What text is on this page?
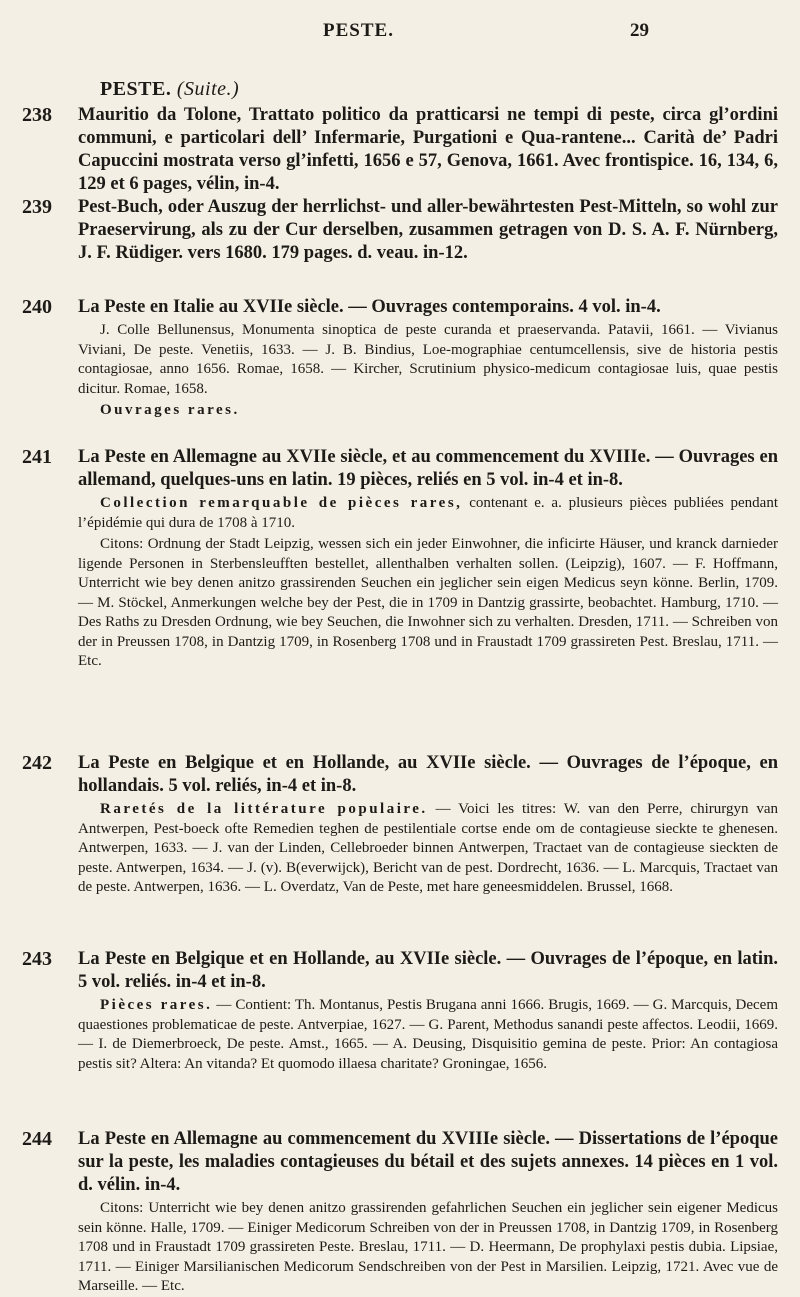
PESTE.	29
PESTE. (Suite.)
238 Mauritio da Tolone, Trattato politico da pratticarsi ne tempi di peste, circa gl’ordini communi, e particolari dell’ Infermarie, Purgationi e Qua-rantene... Carità de’ Padri Capuccini mostrata verso gl’infetti, 1656 e 57, Genova, 1661. Avec frontispice. 16, 134, 6, 129 et 6 pages, vélin, in-4.

239 Pest-Buch, oder Auszug der herrlichst- und aller-bewährtesten Pest-Mitteln, so wohl zur Praeservirung, als zu der Cur derselben, zusammen getragen von D. S. A. F. Nürnberg, J. F. Rüdiger. vers 1680. 179 pages. d. veau. in-12.

240 La Peste en Italie au XVIIe siècle. — Ouvrages contemporains. 4 vol. in-4.

J. Colle Bellunensus, Monumenta sinoptica de peste curanda et praeservanda. Patavii, 1661. — Vivianus Viviani, De peste. Venetiis, 1633. — J. B. Bindius, Loe-mographiae centumcellensis, sive de historia pestis contagiosae, anno 1656. Romae, 1658. — Kircher, Scrutinium physico-medicum contagiosae luis, quae pestis dicitur. Romae, 1658.

Ouvrages rares.

241 La Peste en Allemagne au XVIIe siècle, et au commencement du XVIIIe. — Ouvrages en allemand, quelques-uns en latin. 19 pièces, reliés en 5 vol. in-4 et in-8.

Collection remarquable de pièces rares, contenant e. a. plusieurs pièces publiées pendant l’épidémie qui dura de 1708 à 1710.

Citons: Ordnung der Stadt Leipzig, wessen sich ein jeder Einwohner, die inficirte Häuser, und kranck darnieder ligende Personen in Sterbensleufften bestellet, allenthalben verhalten sollen. (Leipzig), 1607. — F. Hoffmann, Unterricht wie bey denen anitzo grassirenden Seuchen ein jeglicher sein eigen Medicus seyn könne. Berlin, 1709. — M. Stöckel, Anmerkungen welche bey der Pest, die in 1709 in Dantzig grassirte, beobachtet. Hamburg, 1710. — Des Raths zu Dresden Ordnung, wie bey Seuchen, die Inwohner sich zu verhalten. Dresden, 1711. — Schreiben von der in Preussen 1708, in Dantzig 1709, in Rosenberg 1708 und in Fraustadt 1709 grassireten Pest. Breslau, 1711. — Etc.

242 La Peste en Belgique et en Hollande, au XVIIe siècle. — Ouvrages de l’époque, en hollandais. 5 vol. reliés, in-4 et in-8.

Raretés de la littérature populaire. — Voici les titres: W. van den Perre, chirurgyn van Antwerpen, Pest-boeck ofte Remedien teghen de pestilentiale cortse ende om de contagieuse sieckte te ghenesen. Antwerpen, 1633. — J. van der Linden, Cellebroeder binnen Antwerpen, Tractaet van de contagieuse sieckten de peste. Antwerpen, 1634. — J. (v). B(everwijck), Bericht van de pest. Dordrecht, 1636. — L. Marcquis, Tractaet van de peste. Antwerpen, 1636. — L. Overdatz, Van de Peste, met hare geneesmiddelen. Brussel, 1668.

243 La Peste en Belgique et en Hollande, au XVIIe siècle. — Ouvrages de l’époque, en latin. 5 vol. reliés. in-4 et in-8.

Pièces rares. — Contient: Th. Montanus, Pestis Brugana anni 1666. Brugis, 1669. — G. Marcquis, Decem quaestiones problematicae de peste. Antverpiae, 1627. — G. Parent, Methodus sanandi peste affectos. Leodii, 1669. — I. de Diemerbroeck, De peste. Amst., 1665. — A. Deusing, Disquisitio gemina de peste. Prior: An contagiosa pestis sit? Altera: An vitanda? Et quomodo illaesa charitate? Groningae, 1656.

244 La Peste en Allemagne au commencement du XVIIIe siècle. — Dissertations de l’époque sur la peste, les maladies contagieuses du bétail et des sujets annexes. 14 pièces en 1 vol. d. vélin. in-4.

Citons: Unterricht wie bey denen anitzo grassirenden gefahrlichen Seuchen ein jeglicher sein eigener Medicus sein könne. Halle, 1709. — Einiger Medicorum Schreiben von der in Preussen 1708, in Dantzig 1709, in Rosenberg 1708 und in Fraustadt 1709 grassireten Peste. Breslau, 1711. — D. Heermann, De prophylaxi pestis dubia. Lipsiae, 1711. — Einiger Marsilianischen Medicorum Sendschreiben von der Pest in Marsilien. Leipzig, 1721. Avec vue de Marseille. — Etc.
